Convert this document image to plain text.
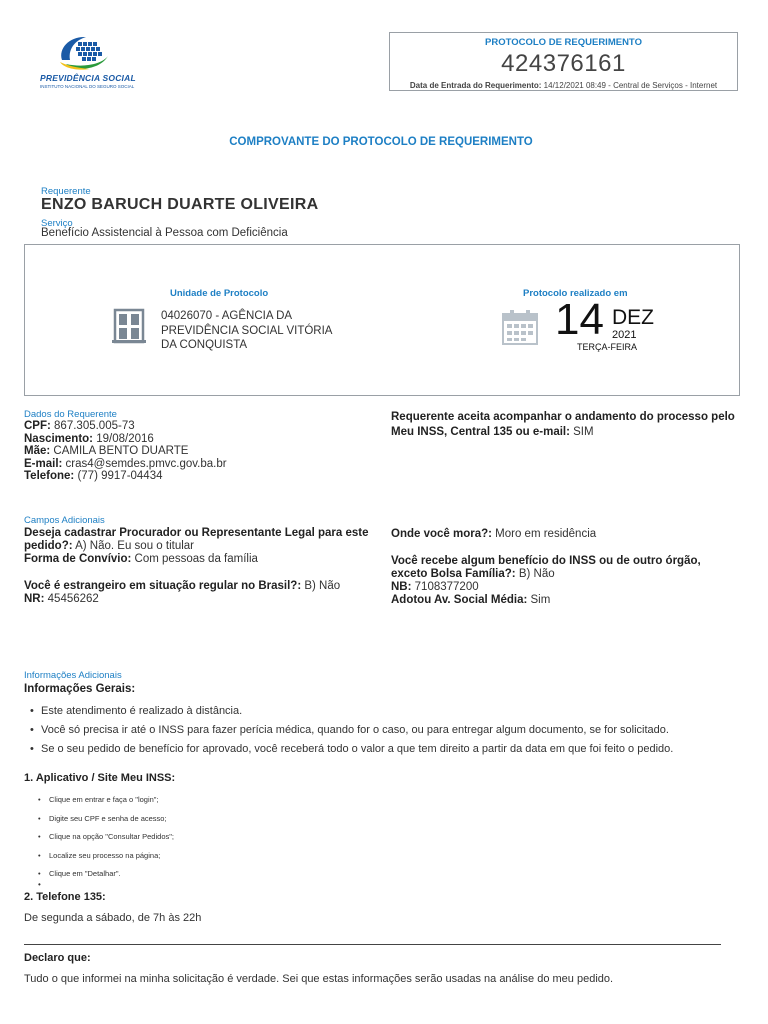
PREVIDÊNCIA SOCIAL
INSTITUTO NACIONAL DO SEGURO SOCIAL
PROTOCOLO DE REQUERIMENTO
424376161
Data de Entrada do Requerimento: 14/12/2021 08:49 - Central de Serviços - Internet
COMPROVANTE DO PROTOCOLO DE REQUERIMENTO
Requerente
ENZO BARUCH DUARTE OLIVEIRA
Serviço
Benefício Assistencial à Pessoa com Deficiência
Unidade de Protocolo
04026070 - AGÊNCIA DA
PREVIDÊNCIA SOCIAL VITÓRIA
DA CONQUISTA
Protocolo realizado em
14 DEZ
2021
TERÇA-FEIRA
Dados do Requerente
CPF: 867.305.005-73
Nascimento: 19/08/2016
Mãe: CAMILA BENTO DUARTE
E-mail: cras4@semdes.pmvc.gov.ba.br
Telefone: (77) 9917-04434
Requerente aceita acompanhar o andamento do processo pelo
Meu INSS, Central 135 ou e-mail: SIM
Campos Adicionais
Deseja cadastrar Procurador ou Representante Legal para este
pedido?: A) Não. Eu sou o titular
Forma de Convívio: Com pessoas da família
Você é estrangeiro em situação regular no Brasil?: B) Não
NR: 45456262
Onde você mora?: Moro em residência
Você recebe algum benefício do INSS ou de outro órgão,
exceto Bolsa Família?: B) Não
NB: 7108377200
Adotou Av. Social Média: Sim
Informações Adicionais
Informações Gerais:
• Este atendimento é realizado à distância.
• Você só precisa ir até o INSS para fazer perícia médica, quando for o caso, ou para entregar algum documento, se for solicitado.
• Se o seu pedido de benefício for aprovado, você receberá todo o valor a que tem direito a partir da data em que foi feito o pedido.
1. Aplicativo / Site Meu INSS:
• Clique em entrar e faça o "login";
• Digite seu CPF e senha de acesso;
• Clique na opção "Consultar Pedidos";
• Localize seu processo na página;
• Clique em "Detalhar".
•
2. Telefone 135:
De segunda a sábado, de 7h às 22h
Declaro que:
Tudo o que informei na minha solicitação é verdade. Sei que estas informações serão usadas na análise do meu pedido.
